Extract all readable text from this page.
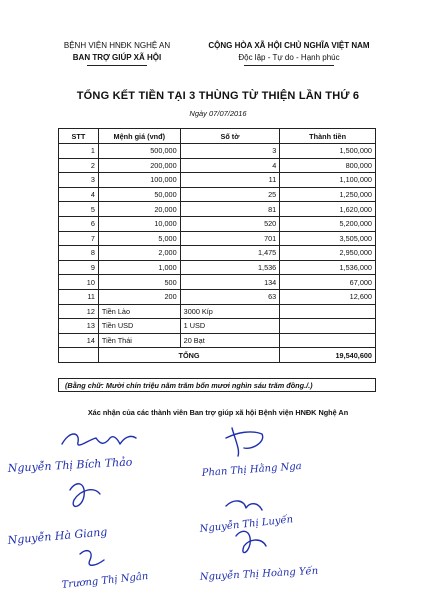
BỆNH VIỆN HNĐK NGHỆ AN
BAN TRỢ GIÚP XÃ HỘI
CỘNG HÒA XÃ HỘI CHỦ NGHĨA VIỆT NAM
Độc lập - Tự do - Hạnh phúc
TỔNG KẾT TIỀN TẠI 3 THÙNG TỪ THIỆN LẦN THỨ 6
Ngày 07/07/2016
STT	Mệnh giá (vnđ)	Số tờ	Thành tiền
1	500,000	3	1,500,000
2	200,000	4	800,000
3	100,000	11	1,100,000
4	50,000	25	1,250,000
5	20,000	81	1,620,000
6	10,000	520	5,200,000
7	5,000	701	3,505,000
8	2,000	1,475	2,950,000
9	1,000	1,536	1,536,000
10	500	134	67,000
11	200	63	12,600
12	Tiền Lào	3000 Kíp	
13	Tiền USD	1 USD	
14	Tiền Thái	20 Bạt	
	TỔNG		19,540,600
(Bằng chữ: Mười chín triệu năm trăm bốn mươi nghìn sáu trăm đồng./.)
Xác nhận của các thành viên Ban trợ giúp xã hội Bệnh viện HNĐK Nghệ An
Nguyễn Thị Bích Thảo	Phan Thị Hằng Nga
Nguyễn Hà Giang
Nguyễn Thị Luyến
Trương Thị Ngân	Nguyễn Thị Hoàng Yến
